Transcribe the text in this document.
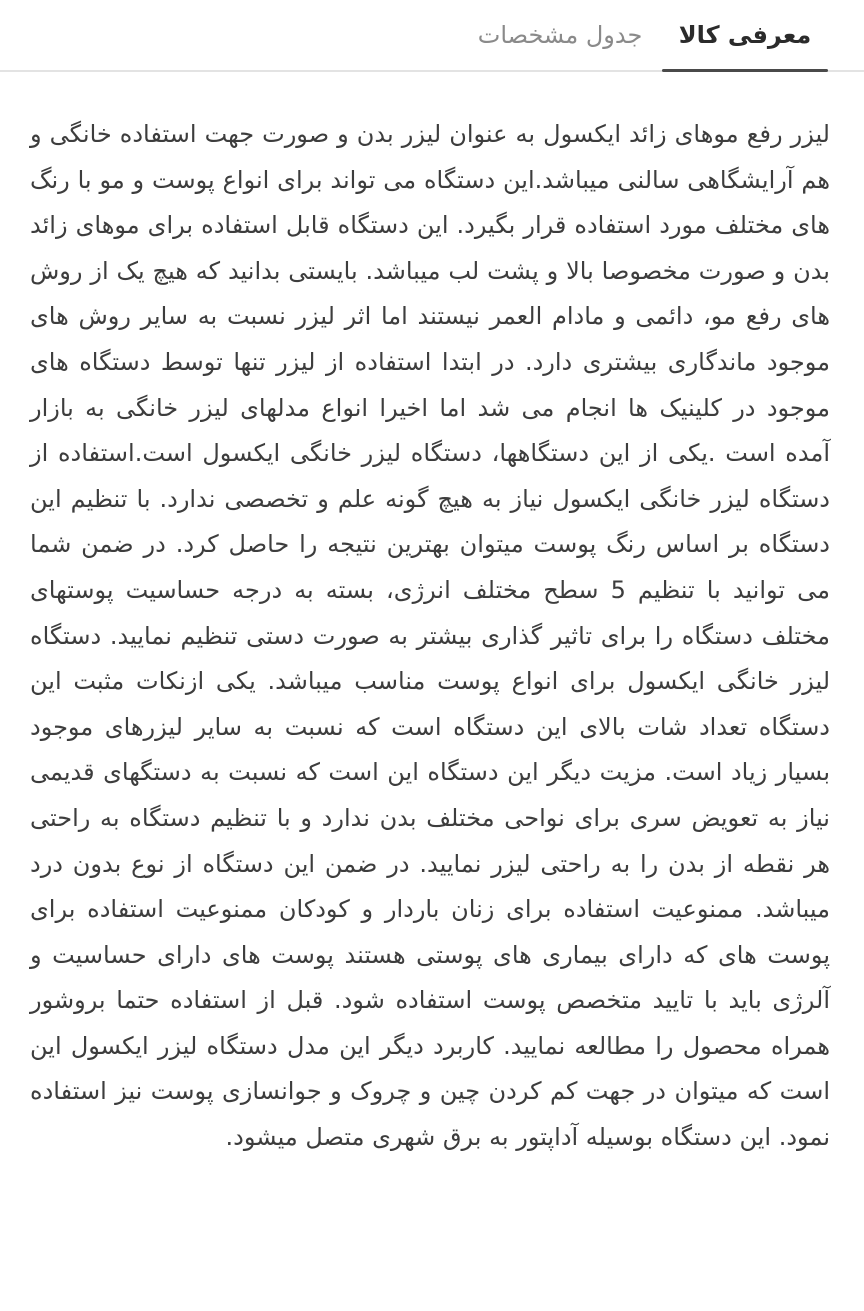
معرفی کالا
جدول مشخصات

لیزر رفع موهای زائد ایکسول به عنوان لیزر بدن و صورت جهت استفاده خانگی و هم آرایشگاهی سالنی میباشد.این دستگاه می تواند برای انواع پوست و مو با رنگ های مختلف مورد استفاده قرار بگیرد. این دستگاه قابل استفاده برای موهای زائد بدن و صورت مخصوصا بالا و پشت لب میباشد. بایستی بدانید که هیچ یک از روش های رفع مو، دائمی و مادام العمر نیستند اما اثر لیزر نسبت به سایر روش های موجود ماندگاری بیشتری دارد. در ابتدا استفاده از لیزر تنها توسط دستگاه های موجود در کلینیک ها انجام می شد اما اخیرا انواع مدلهای لیزر خانگی به بازار آمده است .یکی از این دستگاهها، دستگاه لیزر خانگی ایکسول است.استفاده از دستگاه لیزر خانگی ایکسول نیاز به هیچ گونه علم و تخصصی ندارد. با تنظیم این دستگاه بر اساس رنگ پوست میتوان بهترین نتیجه را حاصل کرد. در ضمن شما می توانید با تنظیم 5 سطح مختلف انرژی، بسته به درجه حساسیت پوستهای مختلف دستگاه را برای تاثیر گذاری بیشتر به صورت دستی تنظیم نمایید. دستگاه لیزر خانگی ایکسول برای انواع پوست مناسب میباشد. یکی ازنکات مثبت این دستگاه تعداد شات بالای این دستگاه است که نسبت به سایر لیزرهای موجود بسیار زیاد است. مزیت دیگر این دستگاه این است که نسبت به دستگهای قدیمی نیاز به تعویض سری برای نواحی مختلف بدن ندارد و با تنظیم دستگاه به راحتی هر نقطه از بدن را به راحتی لیزر نمایید. در ضمن این دستگاه از نوع بدون درد میباشد. ممنوعیت استفاده برای زنان باردار و کودکان ممنوعیت استفاده برای پوست های که دارای بیماری های پوستی هستند پوست های دارای حساسیت و آلرژی باید با تایید متخصص پوست استفاده شود. قبل از استفاده حتما بروشور همراه محصول را مطالعه نمایید. کاربرد دیگر این مدل دستگاه لیزر ایکسول این است که میتوان در جهت کم کردن چین و چروک و جوانسازی پوست نیز استفاده نمود. این دستگاه بوسیله آداپتور به برق شهری متصل میشود.
